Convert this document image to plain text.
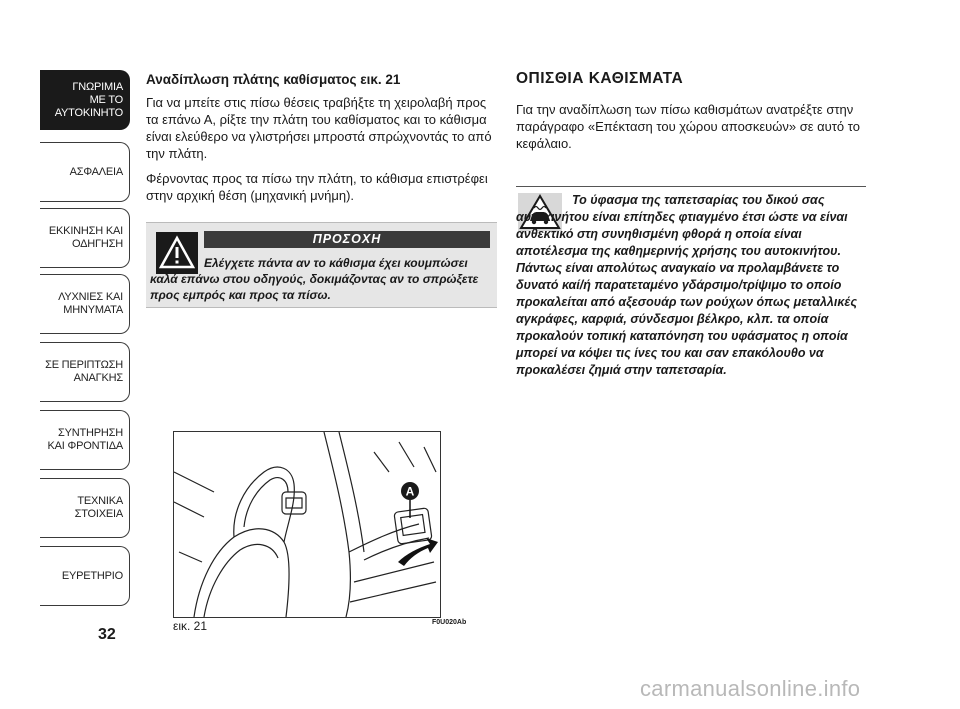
ΓΝΩΡΙΜΙΑ
ΜΕ ΤΟ
ΑΥΤΟΚΙΝΗΤΟ
ΑΣΦΑΛΕΙΑ
ΕΚΚΙΝΗΣΗ ΚΑΙ
ΟΔΗΓΗΣΗ
ΛΥΧΝΙΕΣ ΚΑΙ
ΜΗΝΥΜΑΤΑ
ΣΕ ΠΕΡΙΠΤΩΣΗ
ΑΝΑΓΚΗΣ
ΣΥΝΤΗΡΗΣΗ
ΚΑΙ ΦΡΟΝΤΙΔΑ
ΤΕΧΝΙΚΑ
ΣΤΟΙΧΕΙΑ
ΕΥΡΕΤΗΡΙΟ
32
Αναδίπλωση πλάτης καθίσματος εικ. 21
Για να μπείτε στις πίσω θέσεις τραβήξτε τη χειρολαβή προς τα επάνω Α, ρίξτε την πλάτη του καθίσματος και το κάθισμα είναι ελεύθερο να γλιστρήσει μπροστά σπρώχνοντάς το από την πλάτη.
Φέρνοντας προς τα πίσω την πλάτη, το κάθισμα επιστρέφει στην αρχική θέση (μηχανική μνήμη).
ΠΡΟΣΟΧΗ
Ελέγχετε πάντα αν το κάθισμα έχει κουμπώσει καλά επάνω στου οδηγούς, δοκιμάζοντας αν το σπρώξετε προς εμπρός και προς τα πίσω.
A
εικ. 21	F0U020Ab
ΟΠΙΣΘΙΑ ΚΑΘΙΣΜΑΤΑ
Για την αναδίπλωση των πίσω καθισμάτων ανατρέξτε στην παράγραφο «Επέκταση του χώρου αποσκευών» σε αυτό το κεφάλαιο.
Το ύφασμα της ταπετσαρίας του δικού σας αυτοκινήτου είναι επίτηδες φτιαγμένο έτσι ώστε να είναι ανθεκτικό στη συνηθισμένη φθορά η οποία είναι αποτέλεσμα της καθημερινής χρήσης του αυτοκινήτου. Πάντως είναι απολύτως αναγκαίο να προλαμβάνετε το δυνατό καί/ή παρατεταμένο γδάρσιμο/τρίψιμο το οποίο προκαλείται από αξεσουάρ των ρούχων όπως μεταλλικές αγκράφες, καρφιά, σύνδεσμοι βέλκρο, κλπ. τα οποία προκαλούν τοπική καταπόνηση του υφάσματος η οποία μπορεί να κόψει τις ίνες του και σαν επακόλουθο να προκαλέσει ζημιά στην ταπετσαρία.
carmanualsonline.info
